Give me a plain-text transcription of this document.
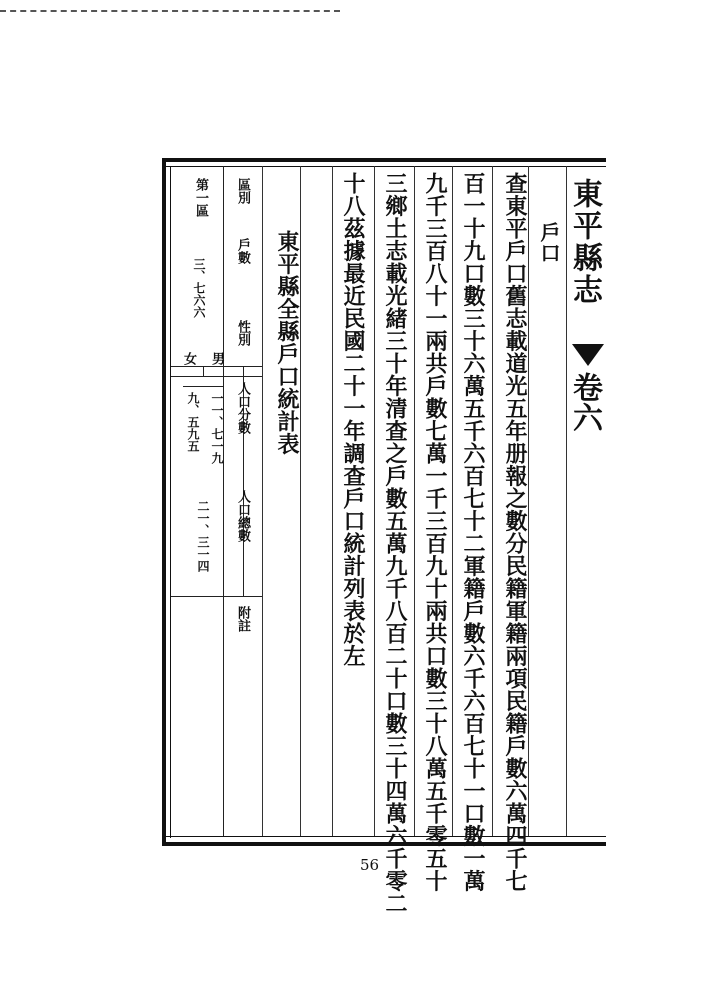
東平縣志
卷六
戶口
查東平戶口舊志載道光五年册報之數分民籍軍籍兩項民籍戶數六萬四千七
百一十九口數三十六萬五千六百七十二軍籍戶數六千六百七十一口數一萬
九千三百八十一兩共戶數七萬一千三百九十兩共口數三十八萬五千零五十
三鄉土志載光緒三十年清查之戶數五萬九千八百二十口數三十四萬六千零二
十八茲據最近民國二十一年調查戶口統計列表於左
東平縣全縣戶口統計表
區別
戶數
性別
人口分數
人口總數
附註
第一區
三、七六六
男
女
一一、七一九
九、五九五
二一、三一四
56
